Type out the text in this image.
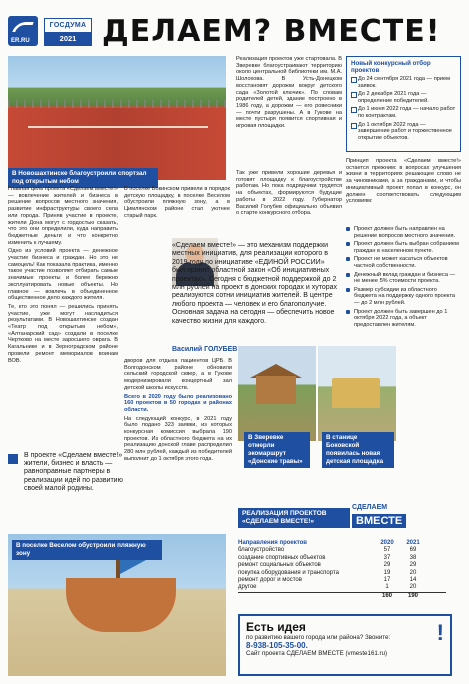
ER.RU
ГОСДУМА
2021 ДЕЛАЕМ? ВМЕСТЕ!
В Новошахтинске благоустроили спортзал под открытым небом

Главная цель проекта «Сделаем вместе!» — вовлечение жителей и бизнеса в решение вопросов местного значения, развитие инфраструктуры своего села или города. Приняв участие в проекте, жители Дона могут с гордостью сказать, что это они определили, куда направить бюджетные деньги и что конкретно изменить к лучшему.

Одно из условий проекта — денежное участие бизнеса и граждан. Но это не самоцель! Как показала практика, именно такое участие позволяет отбирать самые значимые проекты и более бережно эксплуатировать новые объекты. Но главное — вовлечь в объединенное общественное дело каждого жителя.

Те, кто это понял — решились принять участие, уже могут насладиться результатами. В Новошахтинске создан «Театр под открытым небом», «Алтанарский сад» создали в поселке Чертково на месте заросшего оврага. В Кагальнике и в Зерноградском районе провели ремонт мемориалов воинам ВОВ.

В поселке Бокинском привели в порядок детскую площадку, в поселке Веселом обустроили пляжную зону, а в Цимлянском районе стал уютнее старый парк.

Реализация проектов уже стартовала. В Зверевке благоустраивают территорию около центральной библиотеки им. М.А. Шолохова. В Усть-Донецком восстановят дорожки вокруг детского сада «Золотой ключик». По словам родителей детей, здание построено в 1986 году, а дорожки — его ровесники — почти разрушены. А в Гукове на месте пустыря появится спортивная и игровая площадки.

Так уже привели хорошие деревья и готовят площадку к благоустройстве работам. Но пока подрядчики трудятся на объектах, формируются будущие работы в 2022 году. Губернатор Василий Голубев официально объявил о старте конкурсного отбора.

Новый конкурсный отбор проектов
До 24 сентября 2021 года — прием заявок.
До 2 декабря 2021 года — определение победителей.
До 1 июня 2022 года — начало работ по контрактам.
До 1 октября 2022 года — завершение работ и торжественное открытие объектов.

Принцип проекта «Сделаем вместе!» остается прежним: в вопросах улучшения жизни в территориях решающее слово не за чиновниками, а за гражданами, и чтобы инициативный проект попал в конкурс, он должен соответствовать следующим условиям:

Проект должен быть направлен на решение вопросов местного значения.
Проект должен быть выбран собранием граждан в населенном пункте.
Проект не может касаться объектов частной собственности.
Денежный вклад граждан и бизнеса — не менее 5% стоимости проекта.
Размер субсидии из областного бюджета на поддержку одного проекта — до 2 млн рублей.
Проект должен быть завершен до 1 октября 2022 года, а объект предоставлен жителям.
«Сделаем вместе!» — это механизм поддержки местных инициатив, для реализации которого в 2019 году по инициативе «ЕДИНОЙ РОССИИ» был принят областной закон «Об инициативных проектах». Сегодня с бюджетной поддержкой до 2 млн рублей на проект в донских городах и хуторах реализуются сотни инициатив жителей. В центре любого проекта — человек и его благополучие. Основная задача на сегодня — обеспечить новое качество жизни для каждого.
Василий ГОЛУБЕВ

дворов для отдыха пациентов ЦРБ. В Волгодонском районе обновили сельский городской сквер, а в Гукове модернизировали концертный зал детской школы искусств.

Всего в 2020 году было реализовано 160 проектов в 50 городах и районах области.

На следующий конкурс, в 2021 году было подано 323 заявки, из которых конкурсная комиссия выбрала 190 проектов. Из областного бюджета на их реализацию донской главе распределил 280 млн рублей, каждый из победителей выполнит до 1 октября этого года.

В проекте «Сделаем вместе!» жители, бизнес и власть — равноправные партнеры в реализации идей по развитию своей малой родины.
В Зверевке отмерли экомаршрут «Донские травы»
В станице Боковской появилась новая детская площадка
В поселке Веселом обустроили пляжную зону
РЕАЛИЗАЦИЯ ПРОЕКТОВ «СДЕЛАЕМ ВМЕСТЕ!»
СДЕЛАЕМ
ВМЕСТЕ
Направления проектов	2020	2021
благоустройство	57	69
создание спортивных объектов	37	38
ремонт социальных объектов	29	29
покупка оборудования и транспорта	19	20
ремонт дорог и мостов	17	14
другое	1	20
160	190
Есть идея
по развитию вашего города или района? Звоните:
8-938-105-35-00.
Сайт проекта СДЕЛАЕМ ВМЕСТЕ (vmeste161.ru)
!
